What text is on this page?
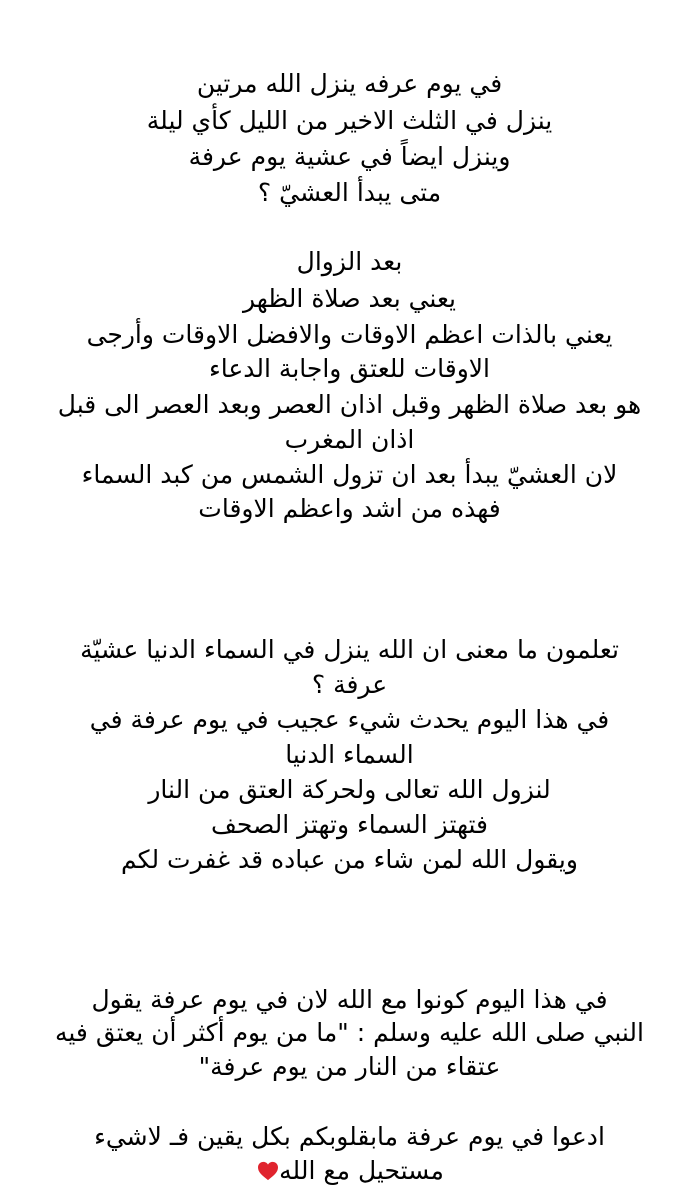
في يوم عرفه ينزل الله مرتين
ينزل في الثلث الاخير من الليل كأي ليلة
وينزل ايضاً في عشية يوم عرفة
متى يبدأ العشيّ ؟
بعد الزوال
يعني بعد صلاة الظهر
يعني بالذات اعظم الاوقات والافضل الاوقات وأرجى
الاوقات للعتق واجابة الدعاء
هو بعد صلاة الظهر وقبل اذان العصر وبعد العصر الى قبل
اذان المغرب
لان العشيّ يبدأ بعد ان تزول الشمس من كبد السماء
فهذه من اشد واعظم الاوقات
تعلمون ما معنى ان الله ينزل في السماء الدنيا عشيّة
عرفة ؟
في هذا اليوم يحدث شيء عجيب في يوم عرفة في
السماء الدنيا
لنزول الله تعالى ولحركة العتق من النار
فتهتز السماء وتهتز الصحف
ويقول الله لمن شاء من عباده قد غفرت لكم
في هذا اليوم كونوا مع الله لان في يوم عرفة يقول
النبي صلى الله عليه وسلم : "ما من يوم أكثر أن يعتق فيه
عتقاء من النار من يوم عرفة"
ادعوا في يوم عرفة مابقلوبكم بكل يقين فـ لاشيء
مستحيل مع الله
